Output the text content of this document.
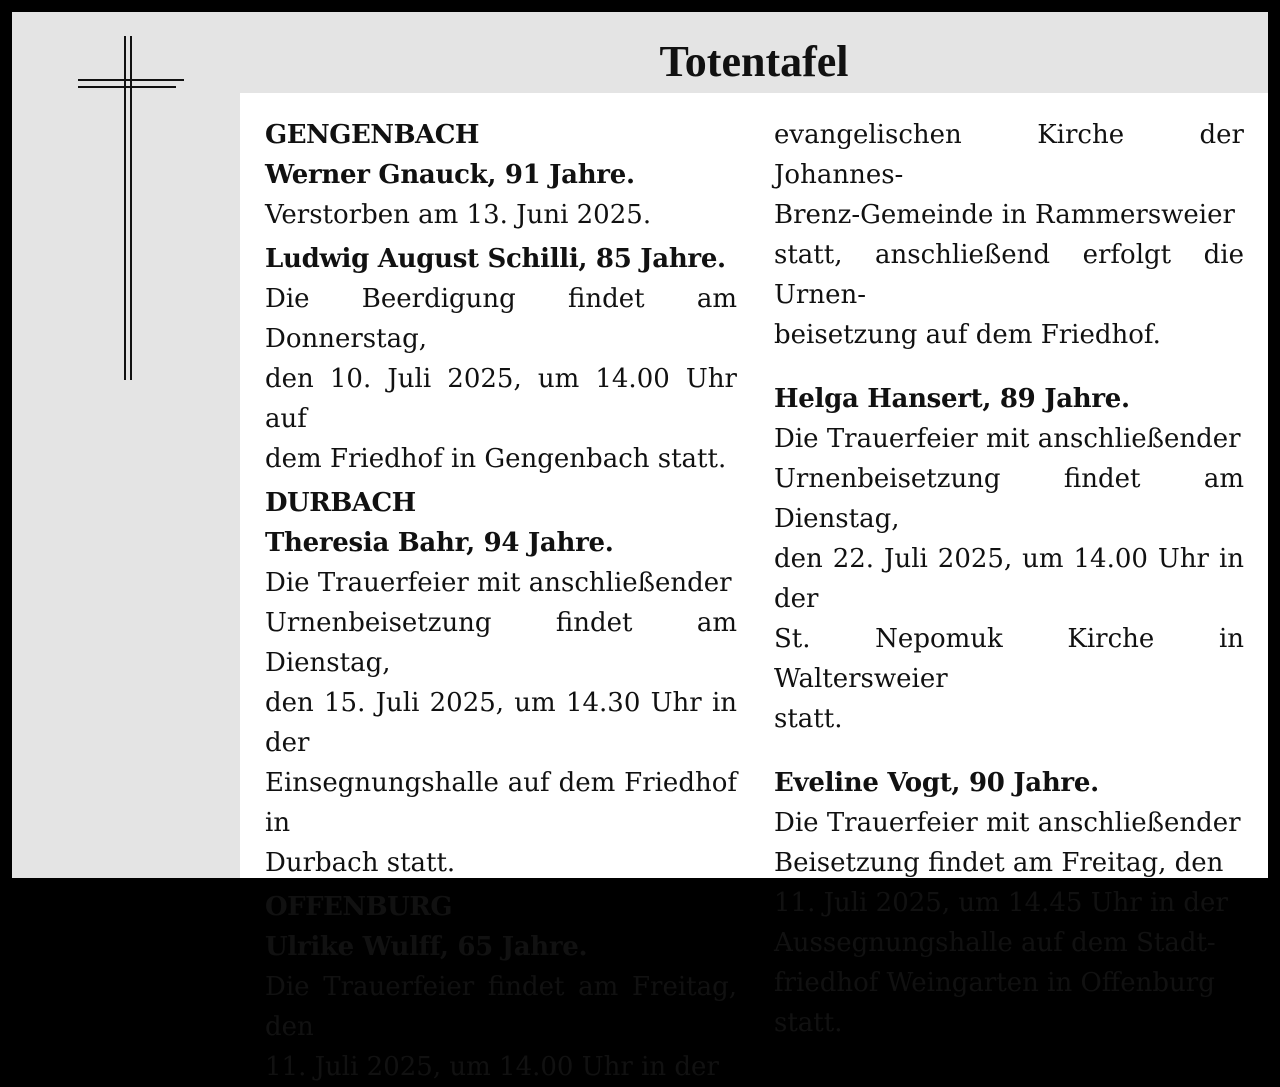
Totentafel

GENGENBACH

Werner Gnauck, 91 Jahre.

Verstorben am 13. Juni 2025.

Ludwig August Schilli, 85 Jahre.

Die Beerdigung findet am Donnerstag,

den 10. Juli 2025, um 14.00 Uhr auf

dem Friedhof in Gengenbach statt.

DURBACH

Theresia Bahr, 94 Jahre.

Die Trauerfeier mit anschließender

Urnenbeisetzung findet am Dienstag,

den 15. Juli 2025, um 14.30 Uhr in der

Einsegnungshalle auf dem Friedhof in

Durbach statt.

OFFENBURG

Ulrike Wulff, 65 Jahre.

Die Trauerfeier findet am Freitag, den

11. Juli 2025, um 14.00 Uhr in der

evangelischen Kirche der Johannes-

Brenz-Gemeinde in Rammersweier

statt, anschließend erfolgt die Urnen-

beisetzung auf dem Friedhof.

Helga Hansert, 89 Jahre.

Die Trauerfeier mit anschließender

Urnenbeisetzung findet am Dienstag,

den 22. Juli 2025, um 14.00 Uhr in der

St. Nepomuk Kirche in Waltersweier

statt.

Eveline Vogt, 90 Jahre.

Die Trauerfeier mit anschließender

Beisetzung findet am Freitag, den

11. Juli 2025, um 14.45 Uhr in der

Aussegnungshalle auf dem Stadt-

friedhof Weingarten in Offenburg

statt.
